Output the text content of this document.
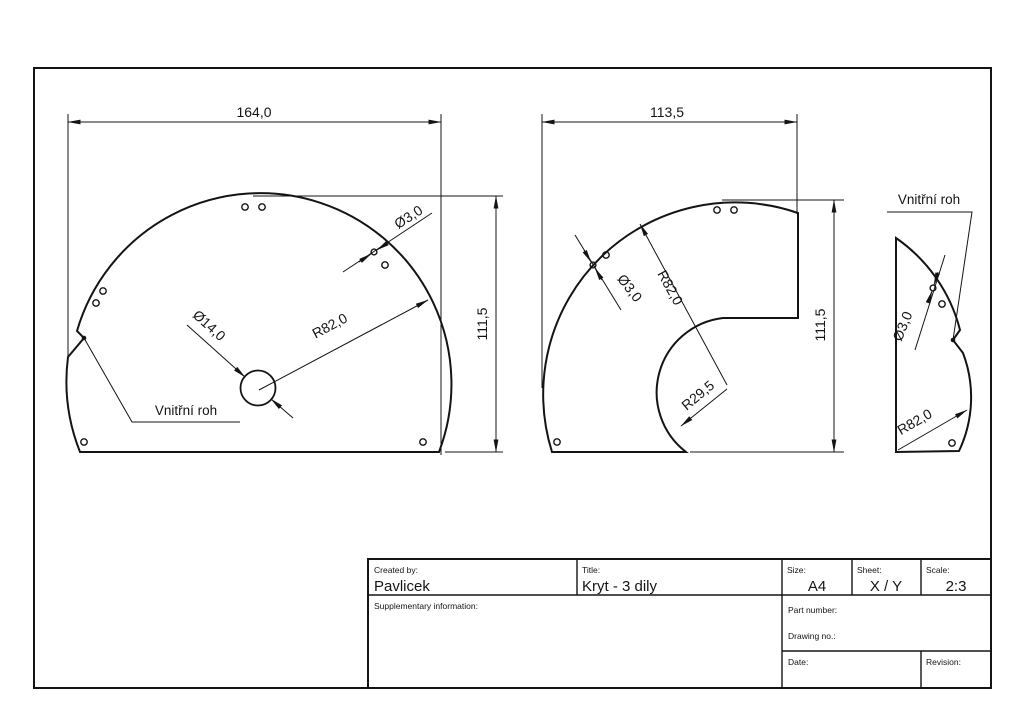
164,0
111,5
R82,0
Ø14,0
Ø3,0
Vnitřní roh
113,5
111,5
R82,0
R29,5
Ø3,0
Vnitřní roh
Ø3,0
R82,0
Created by:
Pavlicek
Title:
Kryt - 3 dily
Size:
A4
Sheet:
X / Y
Scale:
2:3
Supplementary information:	Part number:
Drawing no.:
Date:	Revision:
